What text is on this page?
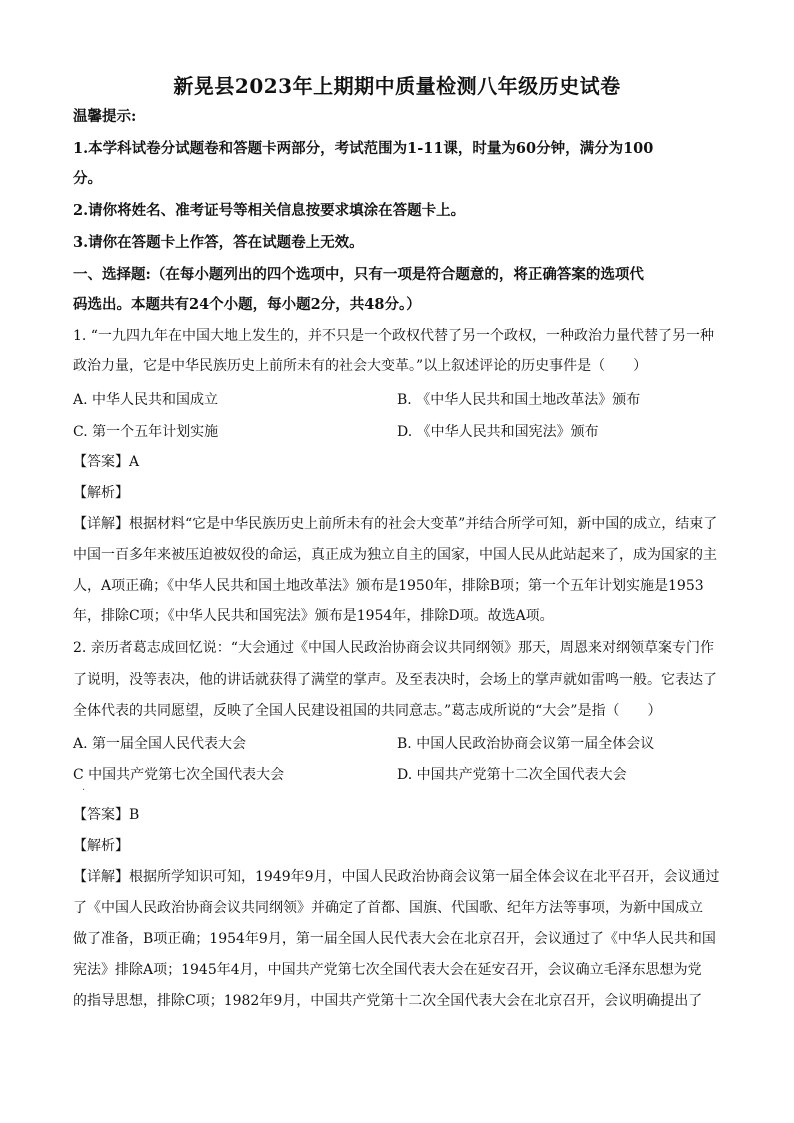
新晃县2023年上期期中质量检测八年级历史试卷
温馨提示:
1.本学科试卷分试题卷和答题卡两部分，考试范围为1-11课，时量为60分钟，满分为100
分。
2.请你将姓名、准考证号等相关信息按要求填涂在答题卡上。
3.请你在答题卡上作答，答在试题卷上无效。
一、选择题:（在每小题列出的四个选项中，只有一项是符合题意的，将正确答案的选项代
码选出。本题共有24个小题，每小题2分，共48分。）
1. “一九四九年在中国大地上发生的，并不只是一个政权代替了另一个政权，一种政治力量代替了另一种
政治力量，它是中华民族历史上前所未有的社会大变革。”以上叙述评论的历史事件是（　　）
A. 中华人民共和国成立	B. 《中华人民共和国土地改革法》颁布
C. 第一个五年计划实施	D. 《中华人民共和国宪法》颁布
【答案】A
【解析】
【详解】根据材料“它是中华民族历史上前所未有的社会大变革”并结合所学可知，新中国的成立，结束了
中国一百多年来被压迫被奴役的命运，真正成为独立自主的国家，中国人民从此站起来了，成为国家的主
人，A项正确；《中华人民共和国土地改革法》颁布是1950年，排除B项；第一个五年计划实施是1953
年，排除C项；《中华人民共和国宪法》颁布是1954年，排除D项。故选A项。
2. 亲历者葛志成回忆说：“大会通过《中国人民政治协商会议共同纲领》那天，周恩来对纲领草案专门作
了说明，没等表决，他的讲话就获得了满堂的掌声。及至表决时，会场上的掌声就如雷鸣一般。它表达了
全体代表的共同愿望，反映了全国人民建设祖国的共同意志。”葛志成所说的“大会”是指（　　）
A. 第一届全国人民代表大会	B. 中国人民政治协商会议第一届全体会议
C 中国共产党第七次全国代表大会	D. 中国共产党第十二次全国代表大会
·
【答案】B
【解析】
【详解】根据所学知识可知，1949年9月，中国人民政治协商会议第一届全体会议在北平召开，会议通过
了《中国人民政治协商会议共同纲领》并确定了首都、国旗、代国歌、纪年方法等事项，为新中国成立
做了准备，B项正确；1954年9月，第一届全国人民代表大会在北京召开，会议通过了《中华人民共和国
宪法》排除A项；1945年4月，中国共产党第七次全国代表大会在延安召开，会议确立毛泽东思想为党
的指导思想，排除C项；1982年9月，中国共产党第十二次全国代表大会在北京召开，会议明确提出了
